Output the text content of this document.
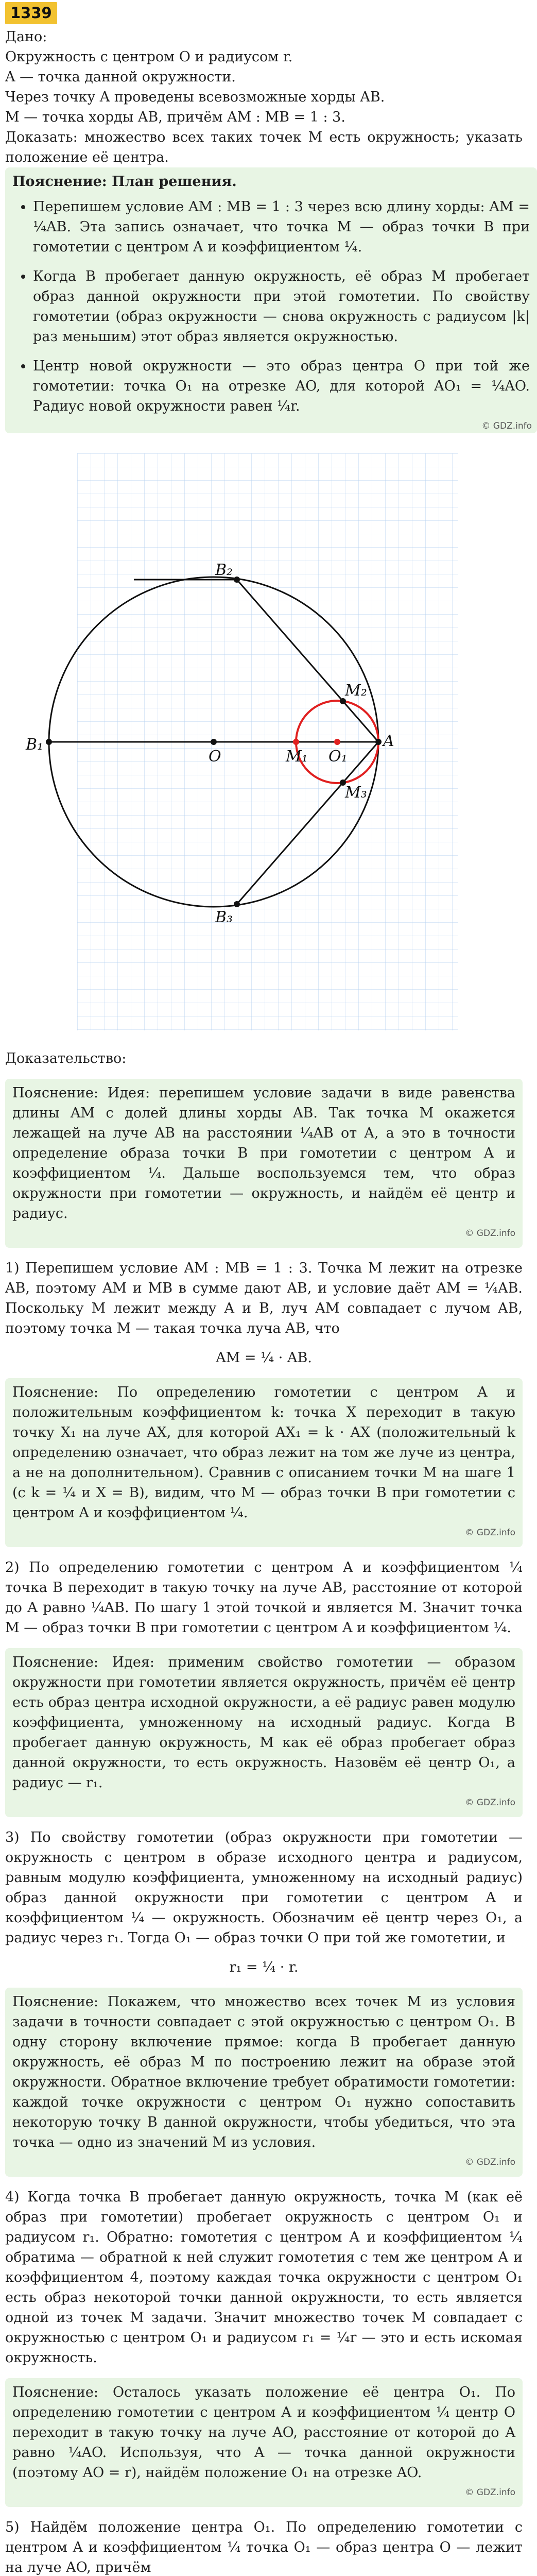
1339

Дано:

Окружность с центром O и радиусом r.

A — точка данной окружности.

Через точку A проведены всевозможные хорды AB.

M — точка хорды AB, причём AM : MB = 1 : 3.

Доказать: множество всех таких точек M есть окружность; указать положение её центра.

Пояснение: План решения.

• Перепишем условие AM : MB = 1 : 3 через всю длину хорды: AM = ¼AB. Эта запись означает, что точка M — образ точки B при гомотетии с центром A и коэффициентом ¼.
• Когда B пробегает данную окружность, её образ M пробегает образ данной окружности при этой гомотетии. По свойству гомотетии (образ окружности — снова окружность с радиусом |k| раз меньшим) этот образ является окружностью.
• Центр новой окружности — это образ центра O при той же гомотетии: точка O₁ на отрезке AO, для которой AO₁ = ¼AO. Радиус новой окружности равен ¼r.
© GDZ.info
B₂
B₁
O	M₁ O₁
A
M₂
M₃
B₃

Доказательство:

Пояснение: Идея: перепишем условие задачи в виде равенства длины AM с долей длины хорды AB. Так точка M окажется лежащей на луче AB на расстоянии ¼AB от A, а это в точности определение образа точки B при гомотетии с центром A и коэффициентом ¼. Дальше воспользуемся тем, что образ окружности при гомотетии — окружность, и найдём её центр и радиус.

© GDZ.info

1) Перепишем условие AM : MB = 1 : 3. Точка M лежит на отрезке AB, поэтому AM и MB в сумме дают AB, и условие даёт AM = ¼AB. Поскольку M лежит между A и B, луч AM совпадает с лучом AB, поэтому точка M — такая точка луча AB, что

AM = ¼ · AB.

Пояснение: По определению гомотетии с центром A и положительным коэффициентом k: точка X переходит в такую точку X₁ на луче AX, для которой AX₁ = k · AX (положительный k определению означает, что образ лежит на том же луче из центра, а не на дополнительном). Сравнив с описанием точки M на шаге 1 (с k = ¼ и X = B), видим, что M — образ точки B при гомотетии с центром A и коэффициентом ¼.

© GDZ.info

2) По определению гомотетии с центром A и коэффициентом ¼ точка B переходит в такую точку на луче AB, расстояние от которой до A равно ¼AB. По шагу 1 этой точкой и является M. Значит точка M — образ точки B при гомотетии с центром A и коэффициентом ¼.

Пояснение: Идея: применим свойство гомотетии — образом окружности при гомотетии является окружность, причём её центр есть образ центра исходной окружности, а её радиус равен модулю коэффициента, умноженному на исходный радиус. Когда B пробегает данную окружность, M как её образ пробегает образ данной окружности, то есть окружность. Назовём её центр O₁, а радиус — r₁.

© GDZ.info

3) По свойству гомотетии (образ окружности при гомотетии — окружность с центром в образе исходного центра и радиусом, равным модулю коэффициента, умноженному на исходный радиус) образ данной окружности при гомотетии с центром A и коэффициентом ¼ — окружность. Обозначим её центр через O₁, а радиус через r₁. Тогда O₁ — образ точки O при той же гомотетии, и

r₁ = ¼ · r.

Пояснение: Покажем, что множество всех точек M из условия задачи в точности совпадает с этой окружностью с центром O₁. В одну сторону включение прямое: когда B пробегает данную окружность, её образ M по построению лежит на образе этой окружности. Обратное включение требует обратимости гомотетии: каждой точке окружности с центром O₁ нужно сопоставить некоторую точку B данной окружности, чтобы убедиться, что эта точка — одно из значений M из условия.

© GDZ.info

4) Когда точка B пробегает данную окружность, точка M (как её образ при гомотетии) пробегает окружность с центром O₁ и радиусом r₁. Обратно: гомотетия с центром A и коэффициентом ¼ обратима — обратной к ней служит гомотетия с тем же центром A и коэффициентом 4, поэтому каждая точка окружности с центром O₁ есть образ некоторой точки данной окружности, то есть является одной из точек M задачи. Значит множество точек M совпадает с окружностью с центром O₁ и радиусом r₁ = ¼r — это и есть искомая окружность.

Пояснение: Осталось указать положение её центра O₁. По определению гомотетии с центром A и коэффициентом ¼ центр O переходит в такую точку на луче AO, расстояние от которой до A равно ¼AO. Используя, что A — точка данной окружности (поэтому AO = r), найдём положение O₁ на отрезке AO.

© GDZ.info

5) Найдём положение центра O₁. По определению гомотетии с центром A и коэффициентом ¼ точка O₁ — образ центра O — лежит на луче AO, причём
